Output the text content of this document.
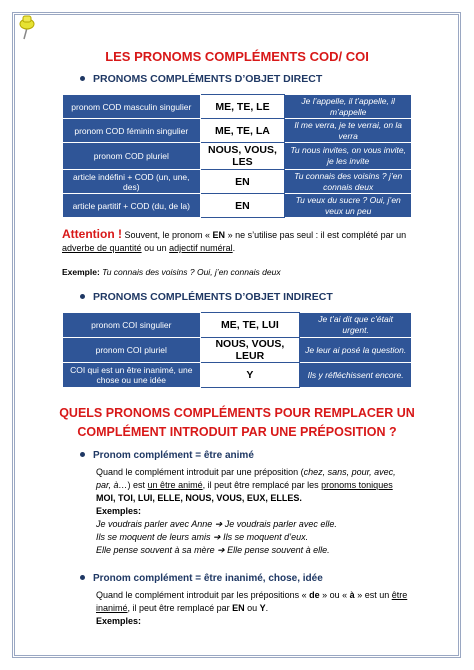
LES PRONOMS COMPLÉMENTS COD/ COI
PRONOMS COMPLÉMENTS D’OBJET DIRECT
pronom COD masculin singulier	ME, TE, LE	Je l’appelle, il t’appelle, il m’appelle
pronom COD féminin singulier	ME, TE, LA	Il me verra, je te verrai, on la verra
pronom COD pluriel	NOUS, VOUS, LES	Tu nous invites, on vous invite, je les invite
article indéfini + COD (un, une, des)	EN	Tu connais des voisins ? j’en connais deux
article partitif + COD (du, de la)	EN	Tu veux du sucre ? Oui, j’en veux un peu
Attention ! Souvent, le pronom « EN » ne s’utilise pas seul : il est complété par un
adverbe de quantité ou un adjectif numéral.
Exemple: Tu connais des voisins ? Oui, j’en connais deux
PRONOMS COMPLÉMENTS D’OBJET INDIRECT
pronom COI singulier	ME, TE, LUI	Je t’ai dit que c’était urgent.
pronom COI pluriel	NOUS, VOUS, LEUR	Je leur ai posé la question.
COI qui est un être inanimé, une chose ou une idée	Y	Ils y réfléchissent encore.
QUELS PRONOMS COMPLÉMENTS POUR REMPLACER UN
COMPLÉMENT INTRODUIT PAR UNE PRÉPOSITION ?
Pronom complément = être animé
Quand le complément introduit par une préposition (chez, sans, pour, avec,
par, à…) est un être animé, il peut être remplacé par les pronoms toniques
MOI, TOI, LUI, ELLE, NOUS, VOUS, EUX, ELLES.
Exemples:
Je voudrais parler avec Anne ➔ Je voudrais parler avec elle.
Ils se moquent de leurs amis ➔ Ils se moquent d’eux.
Elle pense souvent à sa mère ➔ Elle pense souvent à elle.
Pronom complément = être inanimé, chose, idée
Quand le complément introduit par les prépositions « de » ou « à » est un être
inanimé, il peut être remplacé par EN ou Y.
Exemples:
